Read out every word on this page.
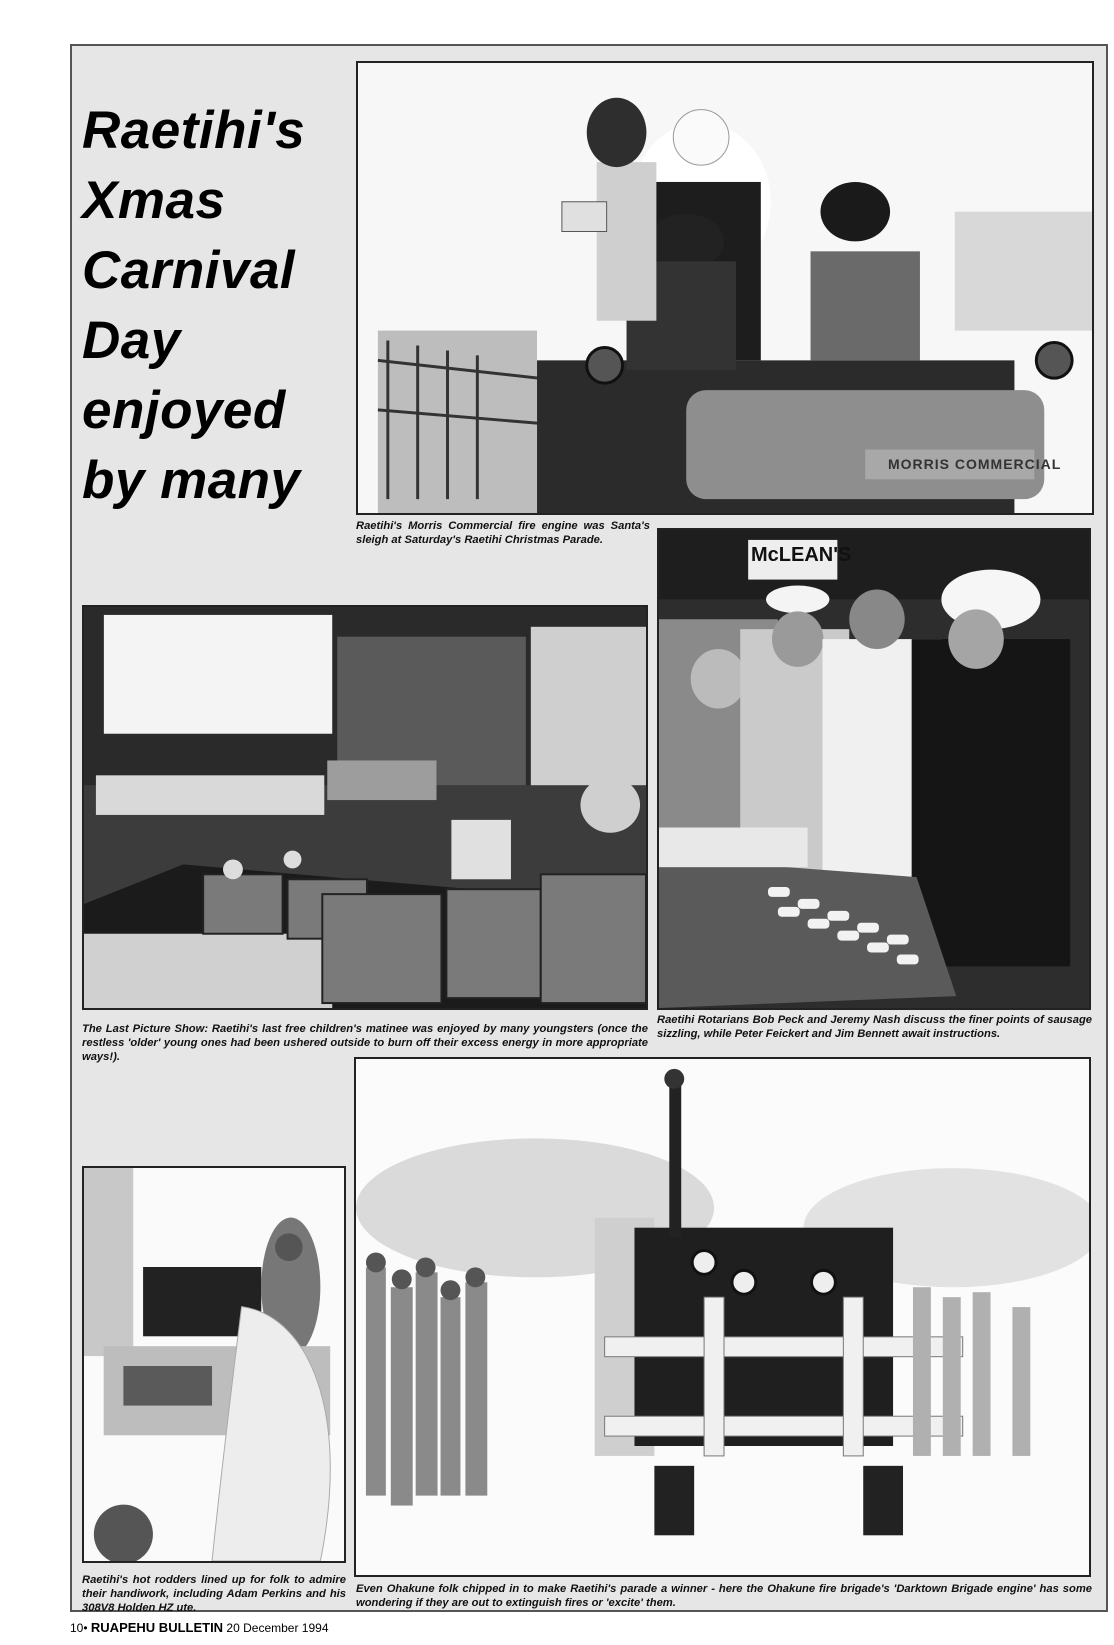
Raetihi's
Xmas
Carnival
Day
enjoyed
by many	MORRIS COMMERCIAL
Raetihi's Morris Commercial fire engine was Santa's sleigh at Saturday's Raetihi Christmas Parade.
The Last Picture Show: Raetihi's last free children's matinee was enjoyed by many youngsters (once the restless 'older' young ones had been ushered outside to burn off their excess energy in more appropriate ways!).
McLEAN'S
Raetihi Rotarians Bob Peck and Jeremy Nash discuss the finer points of sausage sizzling, while Peter Feickert and Jim Bennett await instructions.
Raetihi's hot rodders lined up for folk to admire their handiwork, including Adam Perkins and his 308V8 Holden HZ ute.
Even Ohakune folk chipped in to make Raetihi's parade a winner - here the Ohakune fire brigade's 'Darktown Brigade engine' has some wondering if they are out to extinguish fires or 'excite' them.
10• RUAPEHU BULLETIN 20 December 1994
